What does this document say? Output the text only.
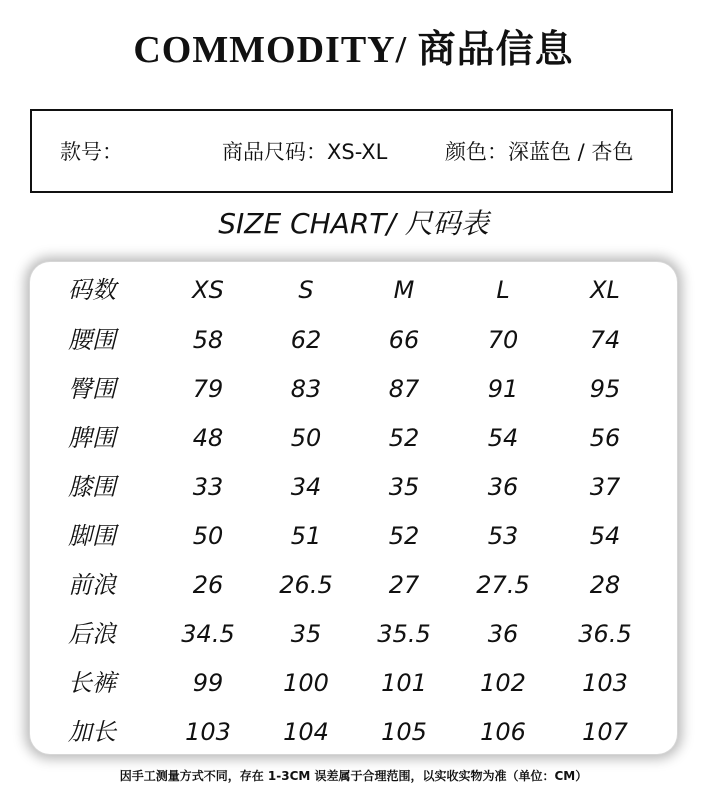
COMMODITY/ 商品信息
款号：	商品尺码：XS-XL	颜色：深蓝色 / 杏色
SIZE CHART/ 尺码表
码数	XS	S	M	L	XL
腰围	58	62	66	70	74
臀围	79	83	87	91	95
脾围	48	50	52	54	56
膝围	33	34	35	36	37
脚围	50	51	52	53	54
前浪	26	26.5	27	27.5	28
后浪	34.5	35	35.5	36	36.5
长裤	99	100	101	102	103
加长	103	104	105	106	107
因手工测量方式不同，存在 1-3CM 误差属于合理范围，以实收实物为准（单位：CM）
